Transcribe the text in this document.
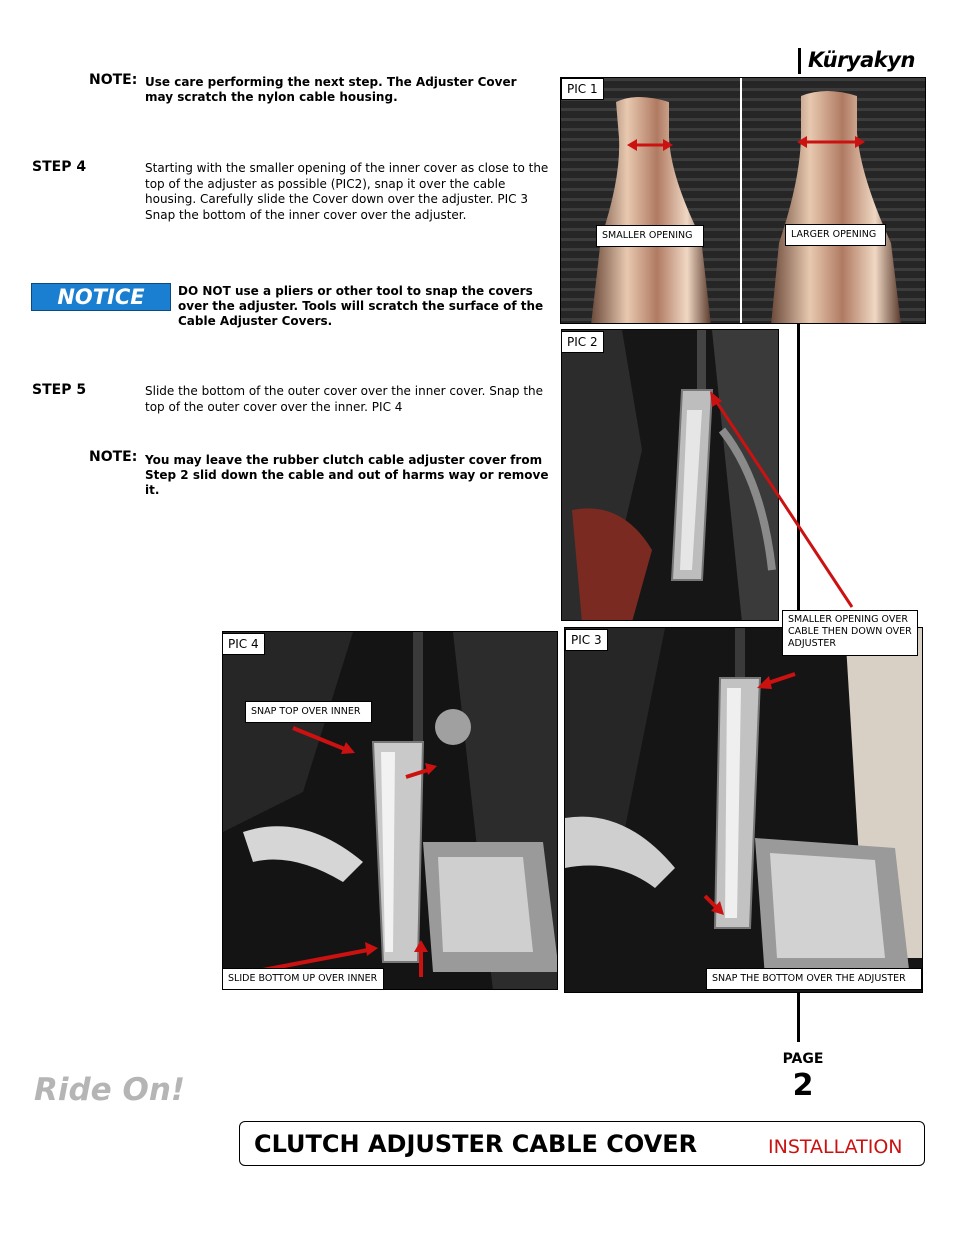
Küryakyn
NOTE: Use care performing the next step. The Adjuster Cover may scratch the nylon cable housing.
STEP 4	Starting with the smaller opening of the inner cover as close to the top of the adjuster as possible (PIC2), snap it over the cable housing. Carefully slide the Cover down over the adjuster. PIC 3 Snap the bottom of the inner cover over the adjuster.
NOTICE	DO NOT use a pliers or other tool to snap the covers over the adjuster. Tools will scratch the surface of the Cable Adjuster Covers.
STEP 5	Slide the bottom of the outer cover over the inner cover. Snap the top of the outer cover over the inner. PIC 4
NOTE: You may leave the rubber clutch cable adjuster cover from Step 2 slid down the cable and out of harms way or remove it.
PIC 1
SMALLER OPENING	LARGER OPENING
PIC 2
PIC 4
SNAP TOP OVER INNER
SLIDE BOTTOM UP OVER INNER
PIC 3
SMALLER OPENING OVER CABLE THEN DOWN OVER ADJUSTER
SNAP THE BOTTOM OVER THE ADJUSTER
Ride On!
PAGE
2
CLUTCH ADJUSTER CABLE COVER	INSTALLATION
